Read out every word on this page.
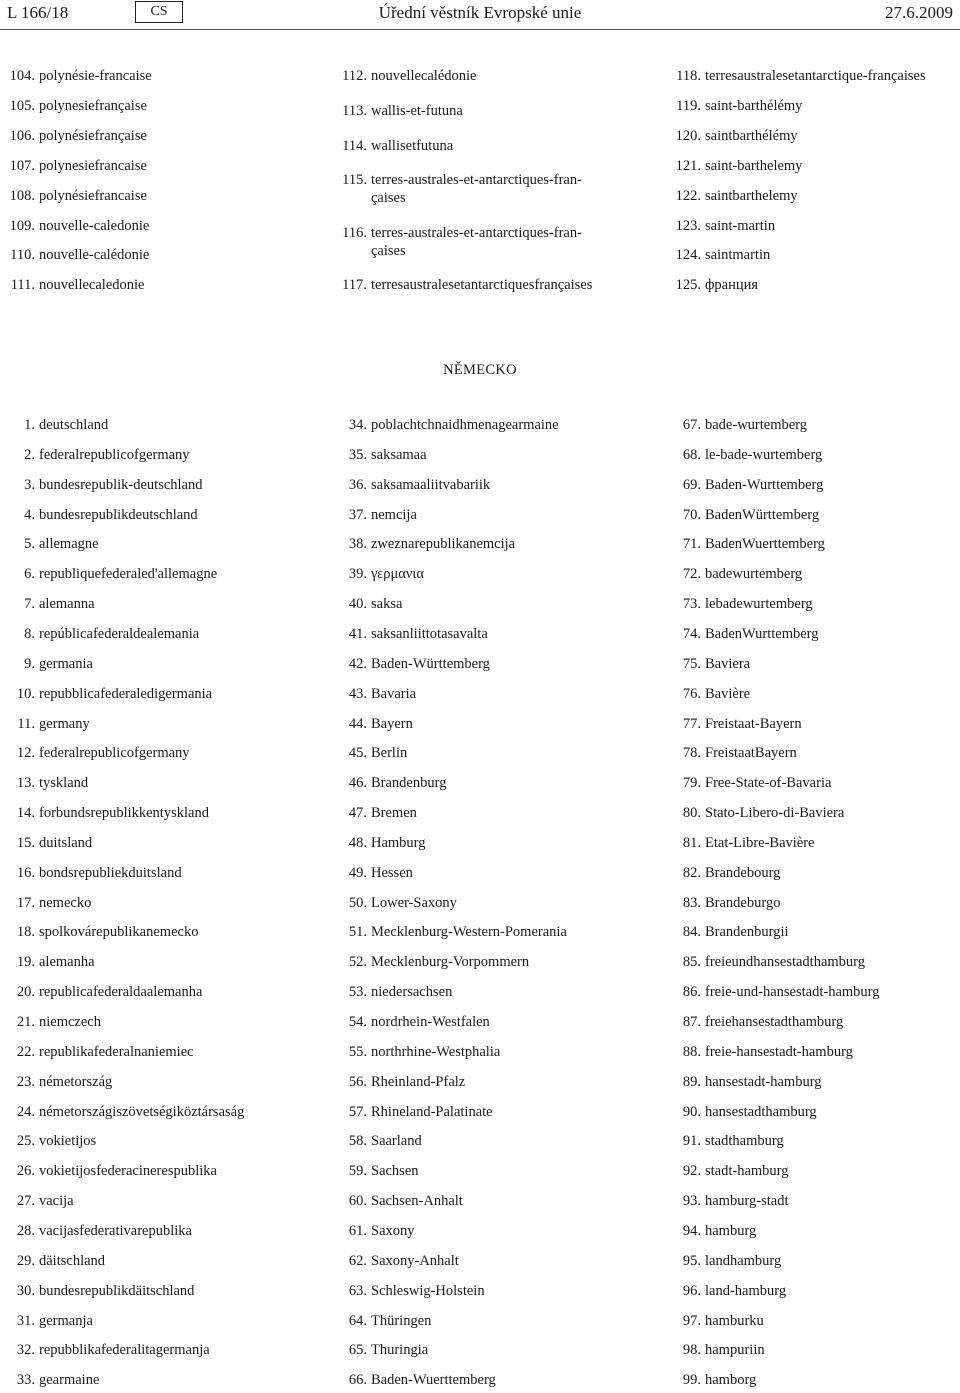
L 166/18	Úřední věstník Evropské unie
CS	27.6.2009
104. polynésie-francaise
105. polynesiefrançaise
106. polynésiefrançaise
107. polynesiefrancaise
108. polynésiefrancaise
109. nouvelle-caledonie
110. nouvelle-calédonie
111. nouvellecaledonie
112. nouvellecalédonie
113. wallis-et-futuna
114. wallisetfutuna
115. terres-australes-et-antarctiques-fran-
çaises
116. terres-australes-et-antarctiques-fran-
çaises
117. terresaustralesetantarctiquesfrançaises
118. terresaustralesetantarctique-françaises
119. saint-barthélémy
120. saintbarthélémy
121. saint-barthelemy
122. saintbarthelemy
123. saint-martin
124. saintmartin
125. франция
NĚMECKO
1. deutschland
2. federalrepublicofgermany
3. bundesrepublik-deutschland
4. bundesrepublikdeutschland
5. allemagne
6. republiquefederaled'allemagne
7. alemanna
8. repúblicafederaldealemania
9. germania
10. repubblicafederaledigermania
11. germany
12. federalrepublicofgermany
13. tyskland
14. forbundsrepublikkentyskland
15. duitsland
16. bondsrepubliekduitsland
17. nemecko
18. spolkovárepublikanemecko
19. alemanha
20. republicafederaldaalemanha
21. niemczech
22. republikafederalnaniemiec
23. németország
24. németországiszövetségiköztársaság
25. vokietijos
26. vokietijosfederacinerespublika
27. vacija
28. vacijasfederativarepublika
29. däitschland
30. bundesrepublikdäitschland
31. germanja
32. repubblikafederalitagermanja
33. gearmaine
34. poblachtchnaidhmenagearmaine
35. saksamaa
36. saksamaaliitvabariik
37. nemcija
38. zweznarepublikanemcija
39. γερμανια
40. saksa
41. saksanliittotasavalta
42. Baden-Württemberg
43. Bavaria
44. Bayern
45. Berlin
46. Brandenburg
47. Bremen
48. Hamburg
49. Hessen
50. Lower-Saxony
51. Mecklenburg-Western-Pomerania
52. Mecklenburg-Vorpommern
53. niedersachsen
54. nordrhein-Westfalen
55. northrhine-Westphalia
56. Rheinland-Pfalz
57. Rhineland-Palatinate
58. Saarland
59. Sachsen
60. Sachsen-Anhalt
61. Saxony
62. Saxony-Anhalt
63. Schleswig-Holstein
64. Thüringen
65. Thuringia
66. Baden-Wuerttemberg
67. bade-wurtemberg
68. le-bade-wurtemberg
69. Baden-Wurttemberg
70. BadenWürttemberg
71. BadenWuerttemberg
72. badewurtemberg
73. lebadewurtemberg
74. BadenWurttemberg
75. Baviera
76. Bavière
77. Freistaat-Bayern
78. FreistaatBayern
79. Free-State-of-Bavaria
80. Stato-Libero-di-Baviera
81. Etat-Libre-Bavière
82. Brandebourg
83. Brandeburgo
84. Brandenburgii
85. freieundhansestadthamburg
86. freie-und-hansestadt-hamburg
87. freiehansestadthamburg
88. freie-hansestadt-hamburg
89. hansestadt-hamburg
90. hansestadthamburg
91. stadthamburg
92. stadt-hamburg
93. hamburg-stadt
94. hamburg
95. landhamburg
96. land-hamburg
97. hamburku
98. hampuriin
99. hamborg
